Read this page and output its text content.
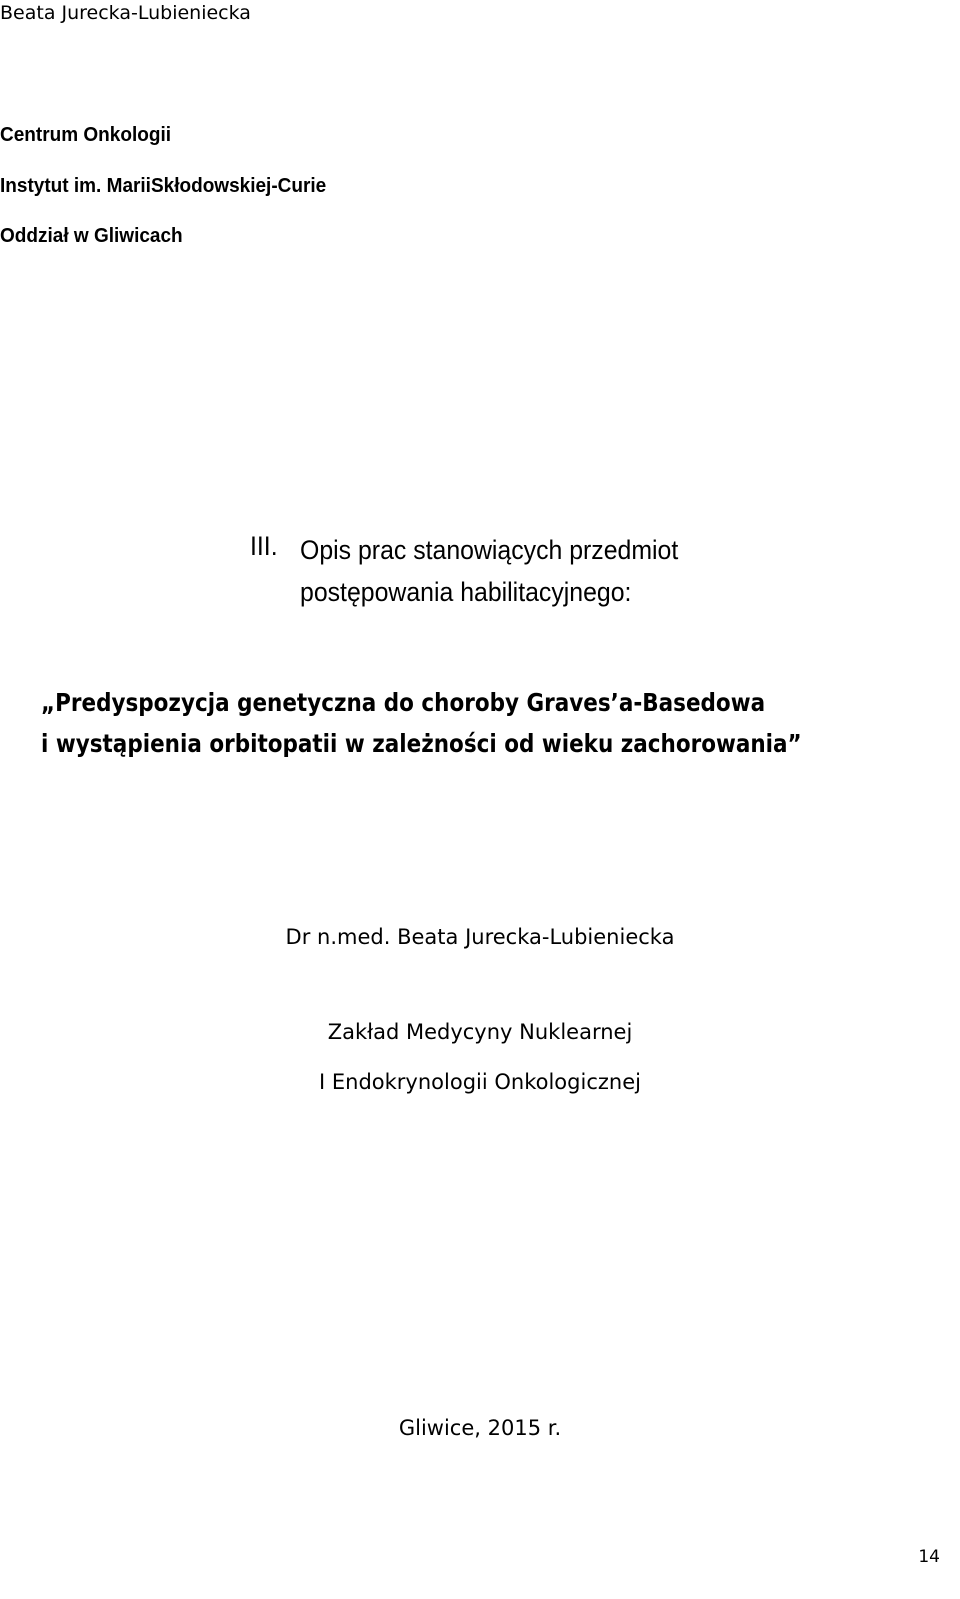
Beata Jurecka-Lubieniecka
Centrum Onkologii
Instytut im. MariiSkłodowskiej-Curie
Oddział w Gliwicach
III. Opis prac stanowiących przedmiot
postępowania habilitacyjnego:
„Predyspozycja genetyczna do choroby Graves’a-Basedowa
i wystąpienia orbitopatii w zależności od wieku zachorowania”
Dr n.med. Beata Jurecka-Lubieniecka
Zakład Medycyny Nuklearnej
I Endokrynologii Onkologicznej
Gliwice, 2015 r.
14
